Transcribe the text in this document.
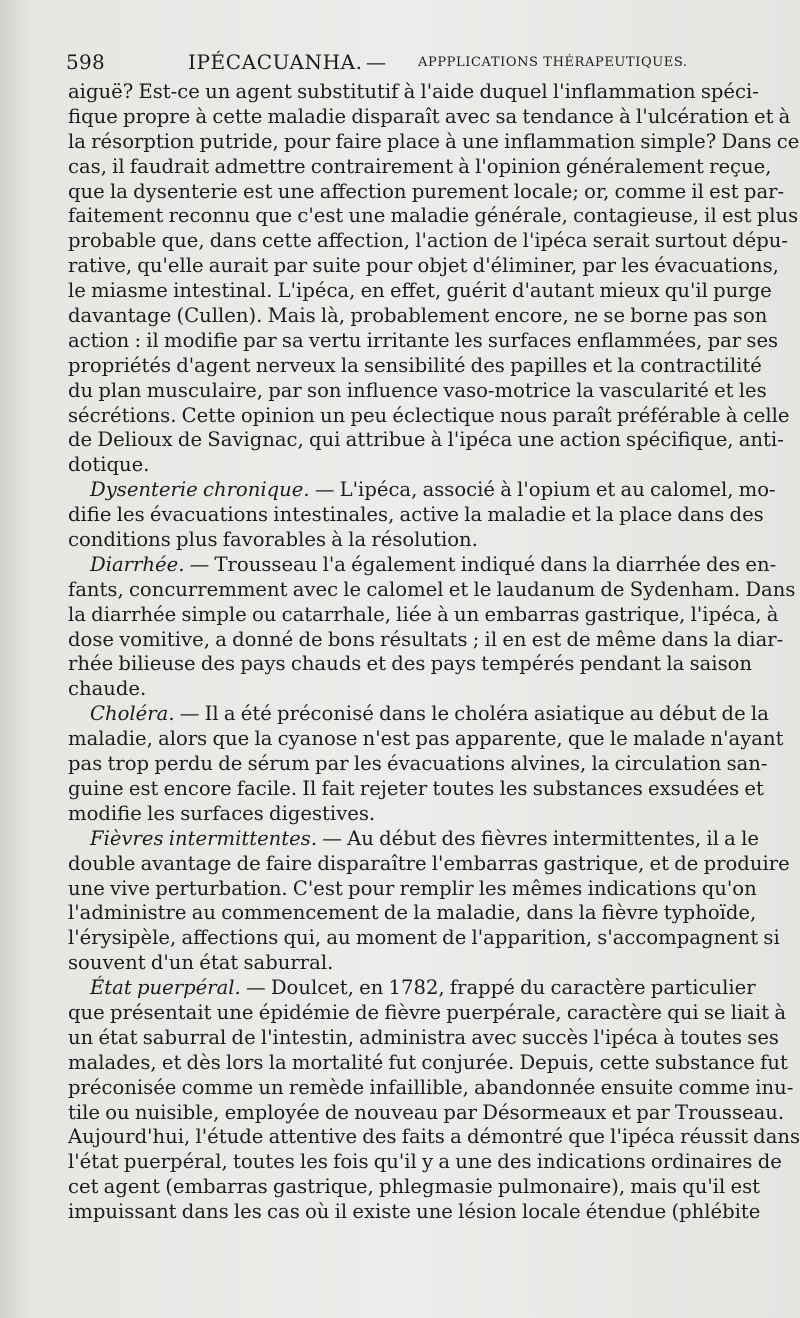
598	IPÉCACUANHA. — APPPLICATIONS THÉRAPEUTIQUES.
aiguë? Est-ce un agent substitutif à l'aide duquel l'inflammation spéci-
fique propre à cette maladie disparaît avec sa tendance à l'ulcération et à
la résorption putride, pour faire place à une inflammation simple? Dans ce
cas, il faudrait admettre contrairement à l'opinion généralement reçue,
que la dysenterie est une affection purement locale; or, comme il est par-
faitement reconnu que c'est une maladie générale, contagieuse, il est plus
probable que, dans cette affection, l'action de l'ipéca serait surtout dépu-
rative, qu'elle aurait par suite pour objet d'éliminer, par les évacuations,
le miasme intestinal. L'ipéca, en effet, guérit d'autant mieux qu'il purge
davantage (Cullen). Mais là, probablement encore, ne se borne pas son
action : il modifie par sa vertu irritante les surfaces enflammées, par ses
propriétés d'agent nerveux la sensibilité des papilles et la contractilité
du plan musculaire, par son influence vaso-motrice la vascularité et les
sécrétions. Cette opinion un peu éclectique nous paraît préférable à celle
de Delioux de Savignac, qui attribue à l'ipéca une action spécifique, anti-
dotique.
Dysenterie chronique. — L'ipéca, associé à l'opium et au calomel, mo-
difie les évacuations intestinales, active la maladie et la place dans des
conditions plus favorables à la résolution.
Diarrhée. — Trousseau l'a également indiqué dans la diarrhée des en-
fants, concurremment avec le calomel et le laudanum de Sydenham. Dans
la diarrhée simple ou catarrhale, liée à un embarras gastrique, l'ipéca, à
dose vomitive, a donné de bons résultats ; il en est de même dans la diar-
rhée bilieuse des pays chauds et des pays tempérés pendant la saison
chaude.
Choléra. — Il a été préconisé dans le choléra asiatique au début de la
maladie, alors que la cyanose n'est pas apparente, que le malade n'ayant
pas trop perdu de sérum par les évacuations alvines, la circulation san-
guine est encore facile. Il fait rejeter toutes les substances exsudées et
modifie les surfaces digestives.
Fièvres intermittentes. — Au début des fièvres intermittentes, il a le
double avantage de faire disparaître l'embarras gastrique, et de produire
une vive perturbation. C'est pour remplir les mêmes indications qu'on
l'administre au commencement de la maladie, dans la fièvre typhoïde,
l'érysipèle, affections qui, au moment de l'apparition, s'accompagnent si
souvent d'un état saburral.
État puerpéral. — Doulcet, en 1782, frappé du caractère particulier
que présentait une épidémie de fièvre puerpérale, caractère qui se liait à
un état saburral de l'intestin, administra avec succès l'ipéca à toutes ses
malades, et dès lors la mortalité fut conjurée. Depuis, cette substance fut
préconisée comme un remède infaillible, abandonnée ensuite comme inu-
tile ou nuisible, employée de nouveau par Désormeaux et par Trousseau.
Aujourd'hui, l'étude attentive des faits a démontré que l'ipéca réussit dans
l'état puerpéral, toutes les fois qu'il y a une des indications ordinaires de
cet agent (embarras gastrique, phlegmasie pulmonaire), mais qu'il est
impuissant dans les cas où il existe une lésion locale étendue (phlébite
